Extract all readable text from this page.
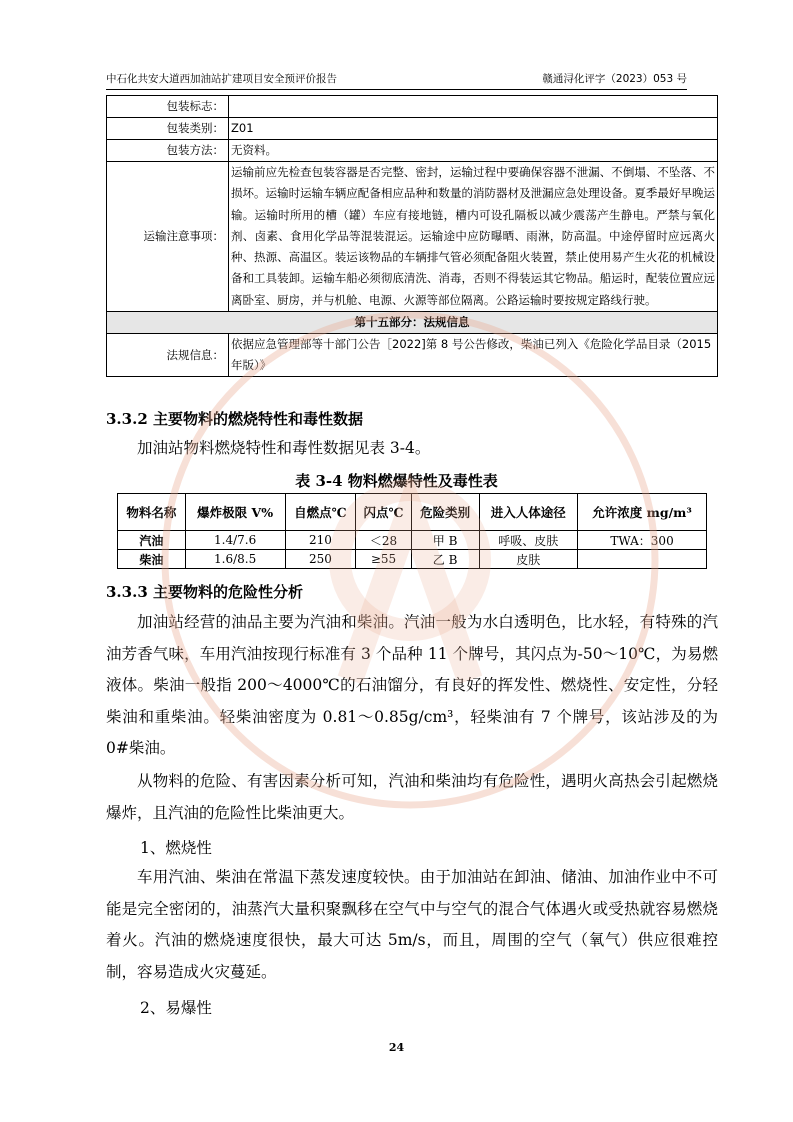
中石化共安大道西加油站扩建项目安全预评价报告	赣通浔化评字（2023）053 号
包装标志：	
包装类别：	Z01
包装方法：	无资料。
运输注意事项：	运输前应先检查包装容器是否完整、密封，运输过程中要确保容器不泄漏、不倒塌、不坠落、不损坏。运输时运输车辆应配备相应品种和数量的消防器材及泄漏应急处理设备。夏季最好早晚运输。运输时所用的槽（罐）车应有接地链，槽内可设孔隔板以减少震荡产生静电。严禁与氧化剂、卤素、食用化学品等混装混运。运输途中应防曝晒、雨淋，防高温。中途停留时应远离火种、热源、高温区。装运该物品的车辆排气管必须配备阻火装置，禁止使用易产生火花的机械设备和工具装卸。运输车船必须彻底清洗、消毒，否则不得装运其它物品。船运时，配装位置应远离卧室、厨房，并与机舱、电源、火源等部位隔离。公路运输时要按规定路线行驶。
第十五部分：法规信息	
法规信息：	依据应急管理部等十部门公告［2022]第 8 号公告修改，柴油已列入《危险化学品目录（2015 年版）》
3.3.2 主要物料的燃烧特性和毒性数据
加油站物料燃烧特性和毒性数据见表 3-4。
表 3-4 物料燃爆特性及毒性表
物料名称	爆炸极限 V%	自燃点℃	闪点℃	危险类别	进入人体途径	允许浓度 mg/m³
汽油	1.4/7.6	210	＜28	甲 B	呼吸、皮肤	TWA：300
柴油	1.6/8.5	250	≥55	乙 B	皮肤	
3.3.3 主要物料的危险性分析
加油站经营的油品主要为汽油和柴油。汽油一般为水白透明色，比水轻，有特殊的汽油芳香气味，车用汽油按现行标准有 3 个品种 11 个牌号，其闪点为-50～10℃，为易燃液体。柴油一般指 200～4000℃的石油馏分，有良好的挥发性、燃烧性、安定性，分轻柴油和重柴油。轻柴油密度为 0.81～0.85g/cm³，轻柴油有 7 个牌号，该站涉及的为 0#柴油。
从物料的危险、有害因素分析可知，汽油和柴油均有危险性，遇明火高热会引起燃烧爆炸，且汽油的危险性比柴油更大。
1、燃烧性
车用汽油、柴油在常温下蒸发速度较快。由于加油站在卸油、储油、加油作业中不可能是完全密闭的，油蒸汽大量积聚飘移在空气中与空气的混合气体遇火或受热就容易燃烧着火。汽油的燃烧速度很快，最大可达 5m/s，而且，周围的空气（氧气）供应很难控制，容易造成火灾蔓延。
2、易爆性
24
